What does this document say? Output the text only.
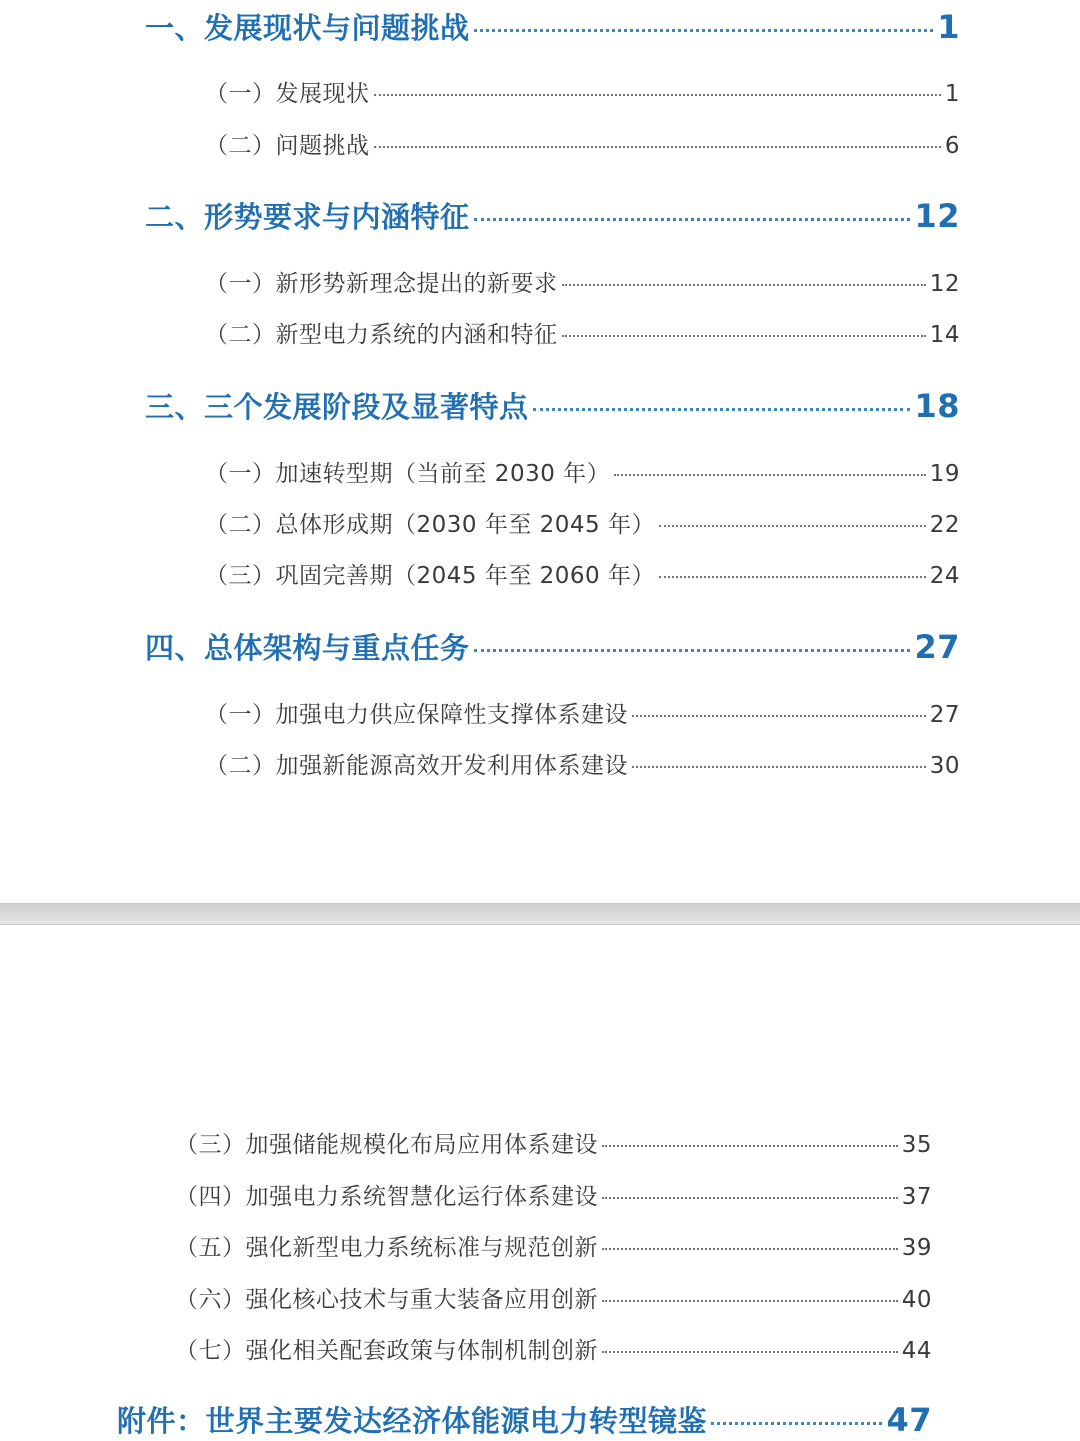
一、发展现状与问题挑战	1
（一）发展现状	1
（二）问题挑战	6
二、形势要求与内涵特征	12
（一）新形势新理念提出的新要求	12
（二）新型电力系统的内涵和特征	14
三、三个发展阶段及显著特点	18
（一）加速转型期（当前至 2030 年）	19
（二）总体形成期（2030 年至 2045 年）	22
（三）巩固完善期（2045 年至 2060 年）	24
四、总体架构与重点任务	27
（一）加强电力供应保障性支撑体系建设	27
（二）加强新能源高效开发利用体系建设	30
（三）加强储能规模化布局应用体系建设	35
（四）加强电力系统智慧化运行体系建设	37
（五）强化新型电力系统标准与规范创新	39
（六）强化核心技术与重大装备应用创新	40
（七）强化相关配套政策与体制机制创新	44
附件：世界主要发达经济体能源电力转型镜鉴	47
